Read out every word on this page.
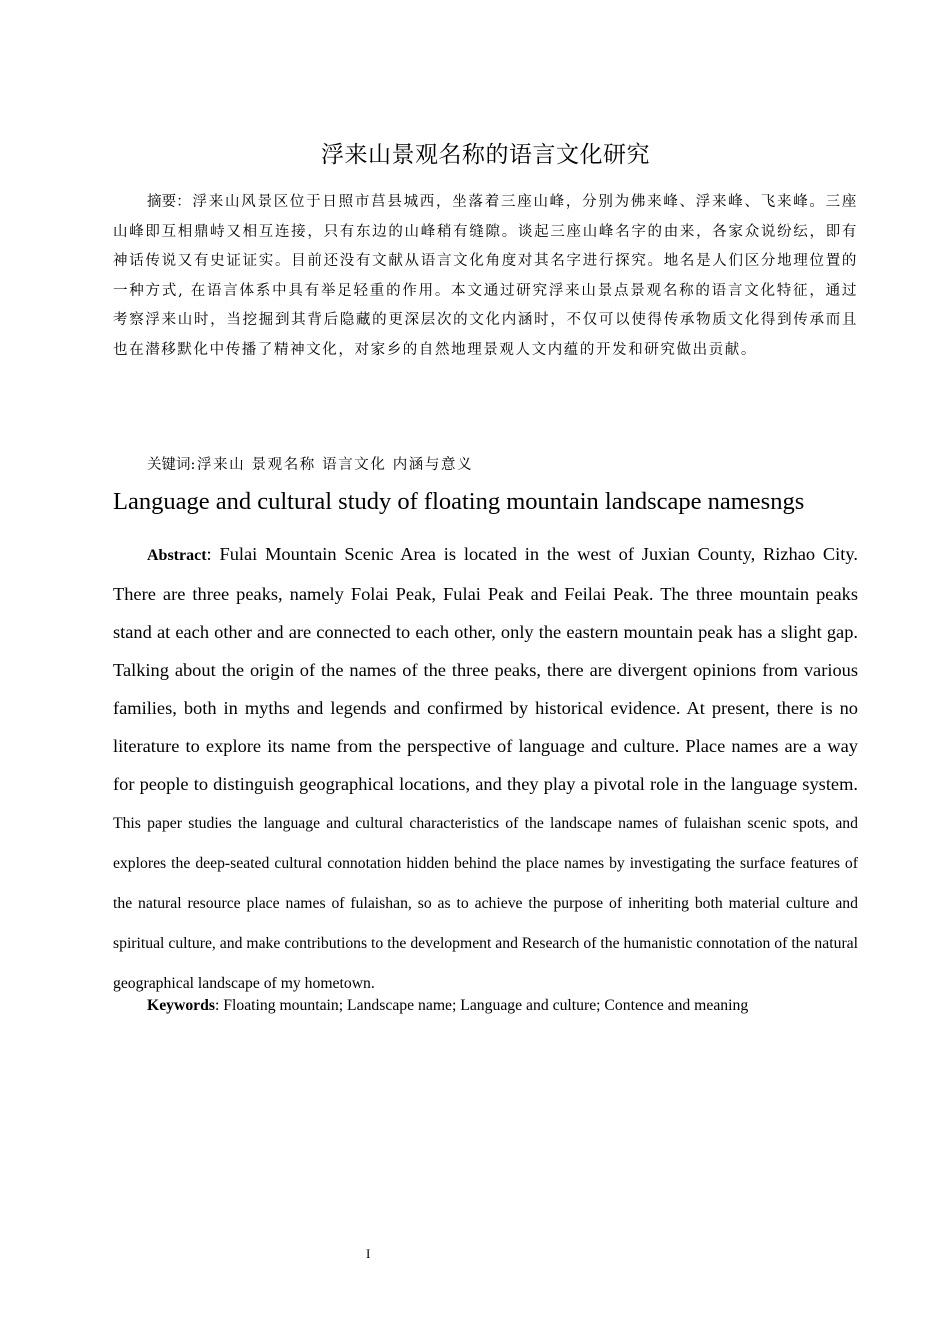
浮来山景观名称的语言文化研究
摘要：浮来山风景区位于日照市莒县城西，坐落着三座山峰，分别为佛来峰、浮来峰、飞来峰。三座山峰即互相鼎峙又相互连接，只有东边的山峰稍有缝隙。谈起三座山峰名字的由来，各家众说纷纭，即有神话传说又有史证证实。目前还没有文献从语言文化角度对其名字进行探究。地名是人们区分地理位置的一种方式, 在语言体系中具有举足轻重的作用。本文通过研究浮来山景点景观名称的语言文化特征，通过考察浮来山时，当挖掘到其背后隐藏的更深层次的文化内涵时，不仅可以使得传承物质文化得到传承而且也在潜移默化中传播了精神文化，对家乡的自然地理景观人文内蕴的开发和研究做出贡献。
关键词:浮来山 景观名称 语言文化 内涵与意义
Language and cultural study of floating mountain landscape namesngs
Abstract: Fulai Mountain Scenic Area is located in the west of Juxian County, Rizhao City. There are three peaks, namely Folai Peak, Fulai Peak and Feilai Peak. The three mountain peaks stand at each other and are connected to each other, only the eastern mountain peak has a slight gap. Talking about the origin of the names of the three peaks, there are divergent opinions from various families, both in myths and legends and confirmed by historical evidence. At present, there is no literature to explore its name from the perspective of language and culture. Place names are a way for people to distinguish geographical locations, and they play a pivotal role in the language system. This paper studies the language and cultural characteristics of the landscape names of fulaishan scenic spots, and explores the deep-seated cultural connotation hidden behind the place names by investigating the surface features of the natural resource place names of fulaishan, so as to achieve the purpose of inheriting both material culture and spiritual culture, and make contributions to the development and Research of the humanistic connotation of the natural geographical landscape of my hometown.
Keywords: Floating mountain; Landscape name; Language and culture; Contence and meaning
I
